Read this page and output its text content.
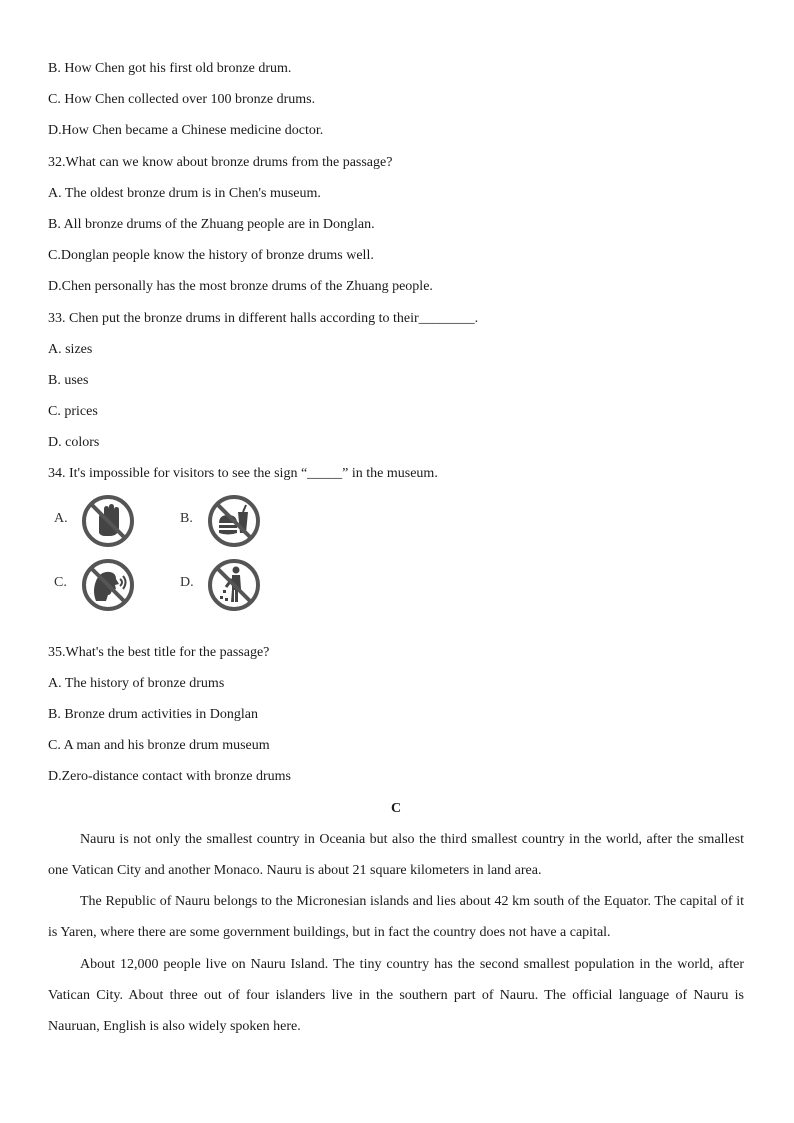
B. How Chen got his first old bronze drum.
C. How Chen collected over 100 bronze drums.
D.How Chen became a Chinese medicine doctor.
32.What can we know about bronze drums from the passage?
A. The oldest bronze drum is in Chen's museum.
B. All bronze drums of the Zhuang people are in Donglan.
C.Donglan people know the history of bronze drums well.
D.Chen personally has the most bronze drums of the Zhuang people.
33. Chen put the bronze drums in different halls according to their________.
A. sizes
B. uses
C. prices
D. colors
34. It's impossible for visitors to see the sign “_____” in the museum.
A.	B.
C.	D.
35.What's the best title for the passage?
A. The history of bronze drums
B. Bronze drum activities in Donglan
C. A man and his bronze drum museum
D.Zero-distance contact with bronze drums
C

Nauru is not only the smallest country in Oceania but also the third smallest country in the world, after the smallest one Vatican City and another Monaco. Nauru is about 21 square kilometers in land area.

The Republic of Nauru belongs to the Micronesian islands and lies about 42 km south of the Equator. The capital of it is Yaren, where there are some government buildings, but in fact the country does not have a capital.

About 12,000 people live on Nauru Island. The tiny country has the second smallest population in the world, after Vatican City. About three out of four islanders live in the southern part of Nauru. The official language of Nauru is Nauruan, English is also widely spoken here.
